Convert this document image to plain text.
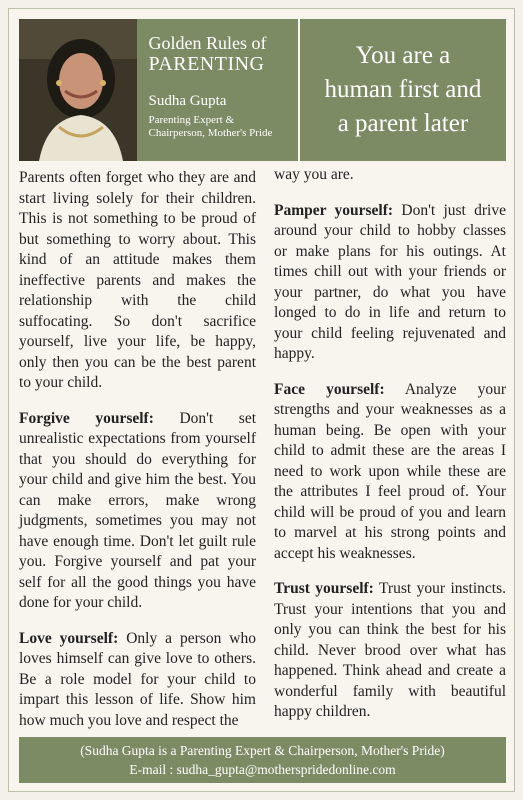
Golden Rules of
PARENTING
Sudha Gupta
Parenting Expert &
Chairperson, Mother's Pride
You are a
human first and
a parent later

Parents often forget who they are and start living solely for their children. This is not something to be proud of but something to worry about. This kind of an attitude makes them ineffective parents and makes the relationship with the child suffocating. So don't sacrifice yourself, live your life, be happy, only then you can be the best parent to your child.

Forgive yourself: Don't set unrealistic expectations from yourself that you should do everything for your child and give him the best. You can make errors, make wrong judgments, sometimes you may not have enough time. Don't let guilt rule you. Forgive yourself and pat your self for all the good things you have done for your child.

Love yourself: Only a person who loves himself can give love to others. Be a role model for your child to impart this lesson of life. Show him how much you love and respect the

way you are.

Pamper yourself: Don't just drive around your child to hobby classes or make plans for his outings. At times chill out with your friends or your partner, do what you have longed to do in life and return to your child feeling rejuvenated and happy.

Face yourself: Analyze your strengths and your weaknesses as a human being. Be open with your child to admit these are the areas I need to work upon while these are the attributes I feel proud of. Your child will be proud of you and learn to marvel at his strong points and accept his weaknesses.

Trust yourself: Trust your instincts. Trust your intentions that you and only you can think the best for his child. Never brood over what has happened. Think ahead and create a wonderful family with beautiful happy children.

(Sudha Gupta is a Parenting Expert & Chairperson, Mother's Pride)
E-mail : sudha_gupta@motherspridedonline.com
